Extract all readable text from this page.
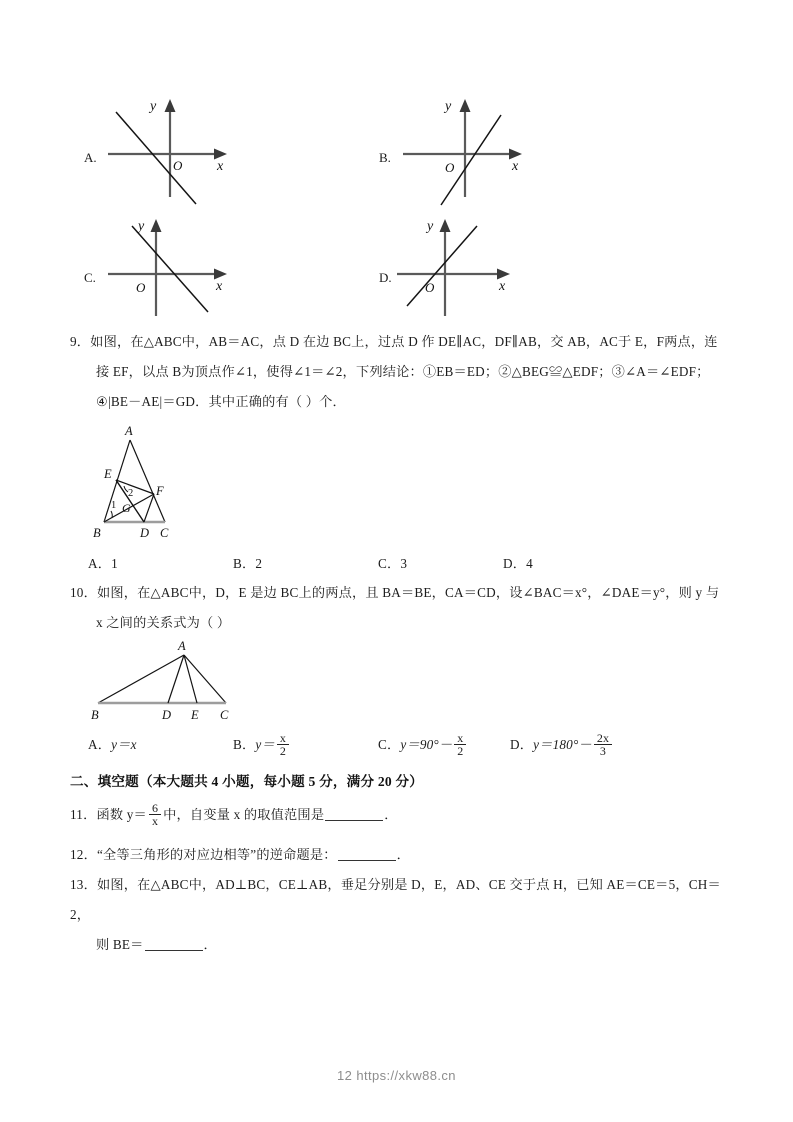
A.
y
x
O
B.
y
x
O
C.
y
x
O
D.
y
x
O
9．如图，在△ABC中，AB＝AC，点 D 在边 BC上，过点 D 作 DE∥AC，DF∥AB，交 AB，AC于 E，F两点，连
接 EF，以点 B为顶点作∠1，使得∠1＝∠2，下列结论：①EB＝ED；②△BEG≌△EDF；③∠A＝∠EDF；
④|BE－AE|＝GD．其中正确的有（ ）个．
A
E
F
G
B	D C
1
2
A．1	B．2	C．3	D．4
10．如图，在△ABC中，D，E 是边 BC上的两点，且 BA＝BE，CA＝CD，设∠BAC＝x°，∠DAE＝y°，则 y 与
x 之间的关系式为（ ）
A
B	D E C
A．y＝x	B．$y= \frac{x}{2}$	C．$y=90^\circ- \frac{x}{2}$	D．$y=180^\circ- \frac{2x}{3}$
二、填空题（本大题共 4 小题，每小题 5 分，满分 20 分）
11．函数 $y= \frac{6}{x}$ 中，自变量 x 的取值范围是	．
12．“全等三角形的对应边相等”的逆命题是：	．
13．如图，在△ABC中，AD⊥BC，CE⊥AB，垂足分别是 D，E，AD、CE 交于点 H，已知 AE＝CE＝5，CH＝2，
则 BE＝	．
12 https://xkw88.cn
